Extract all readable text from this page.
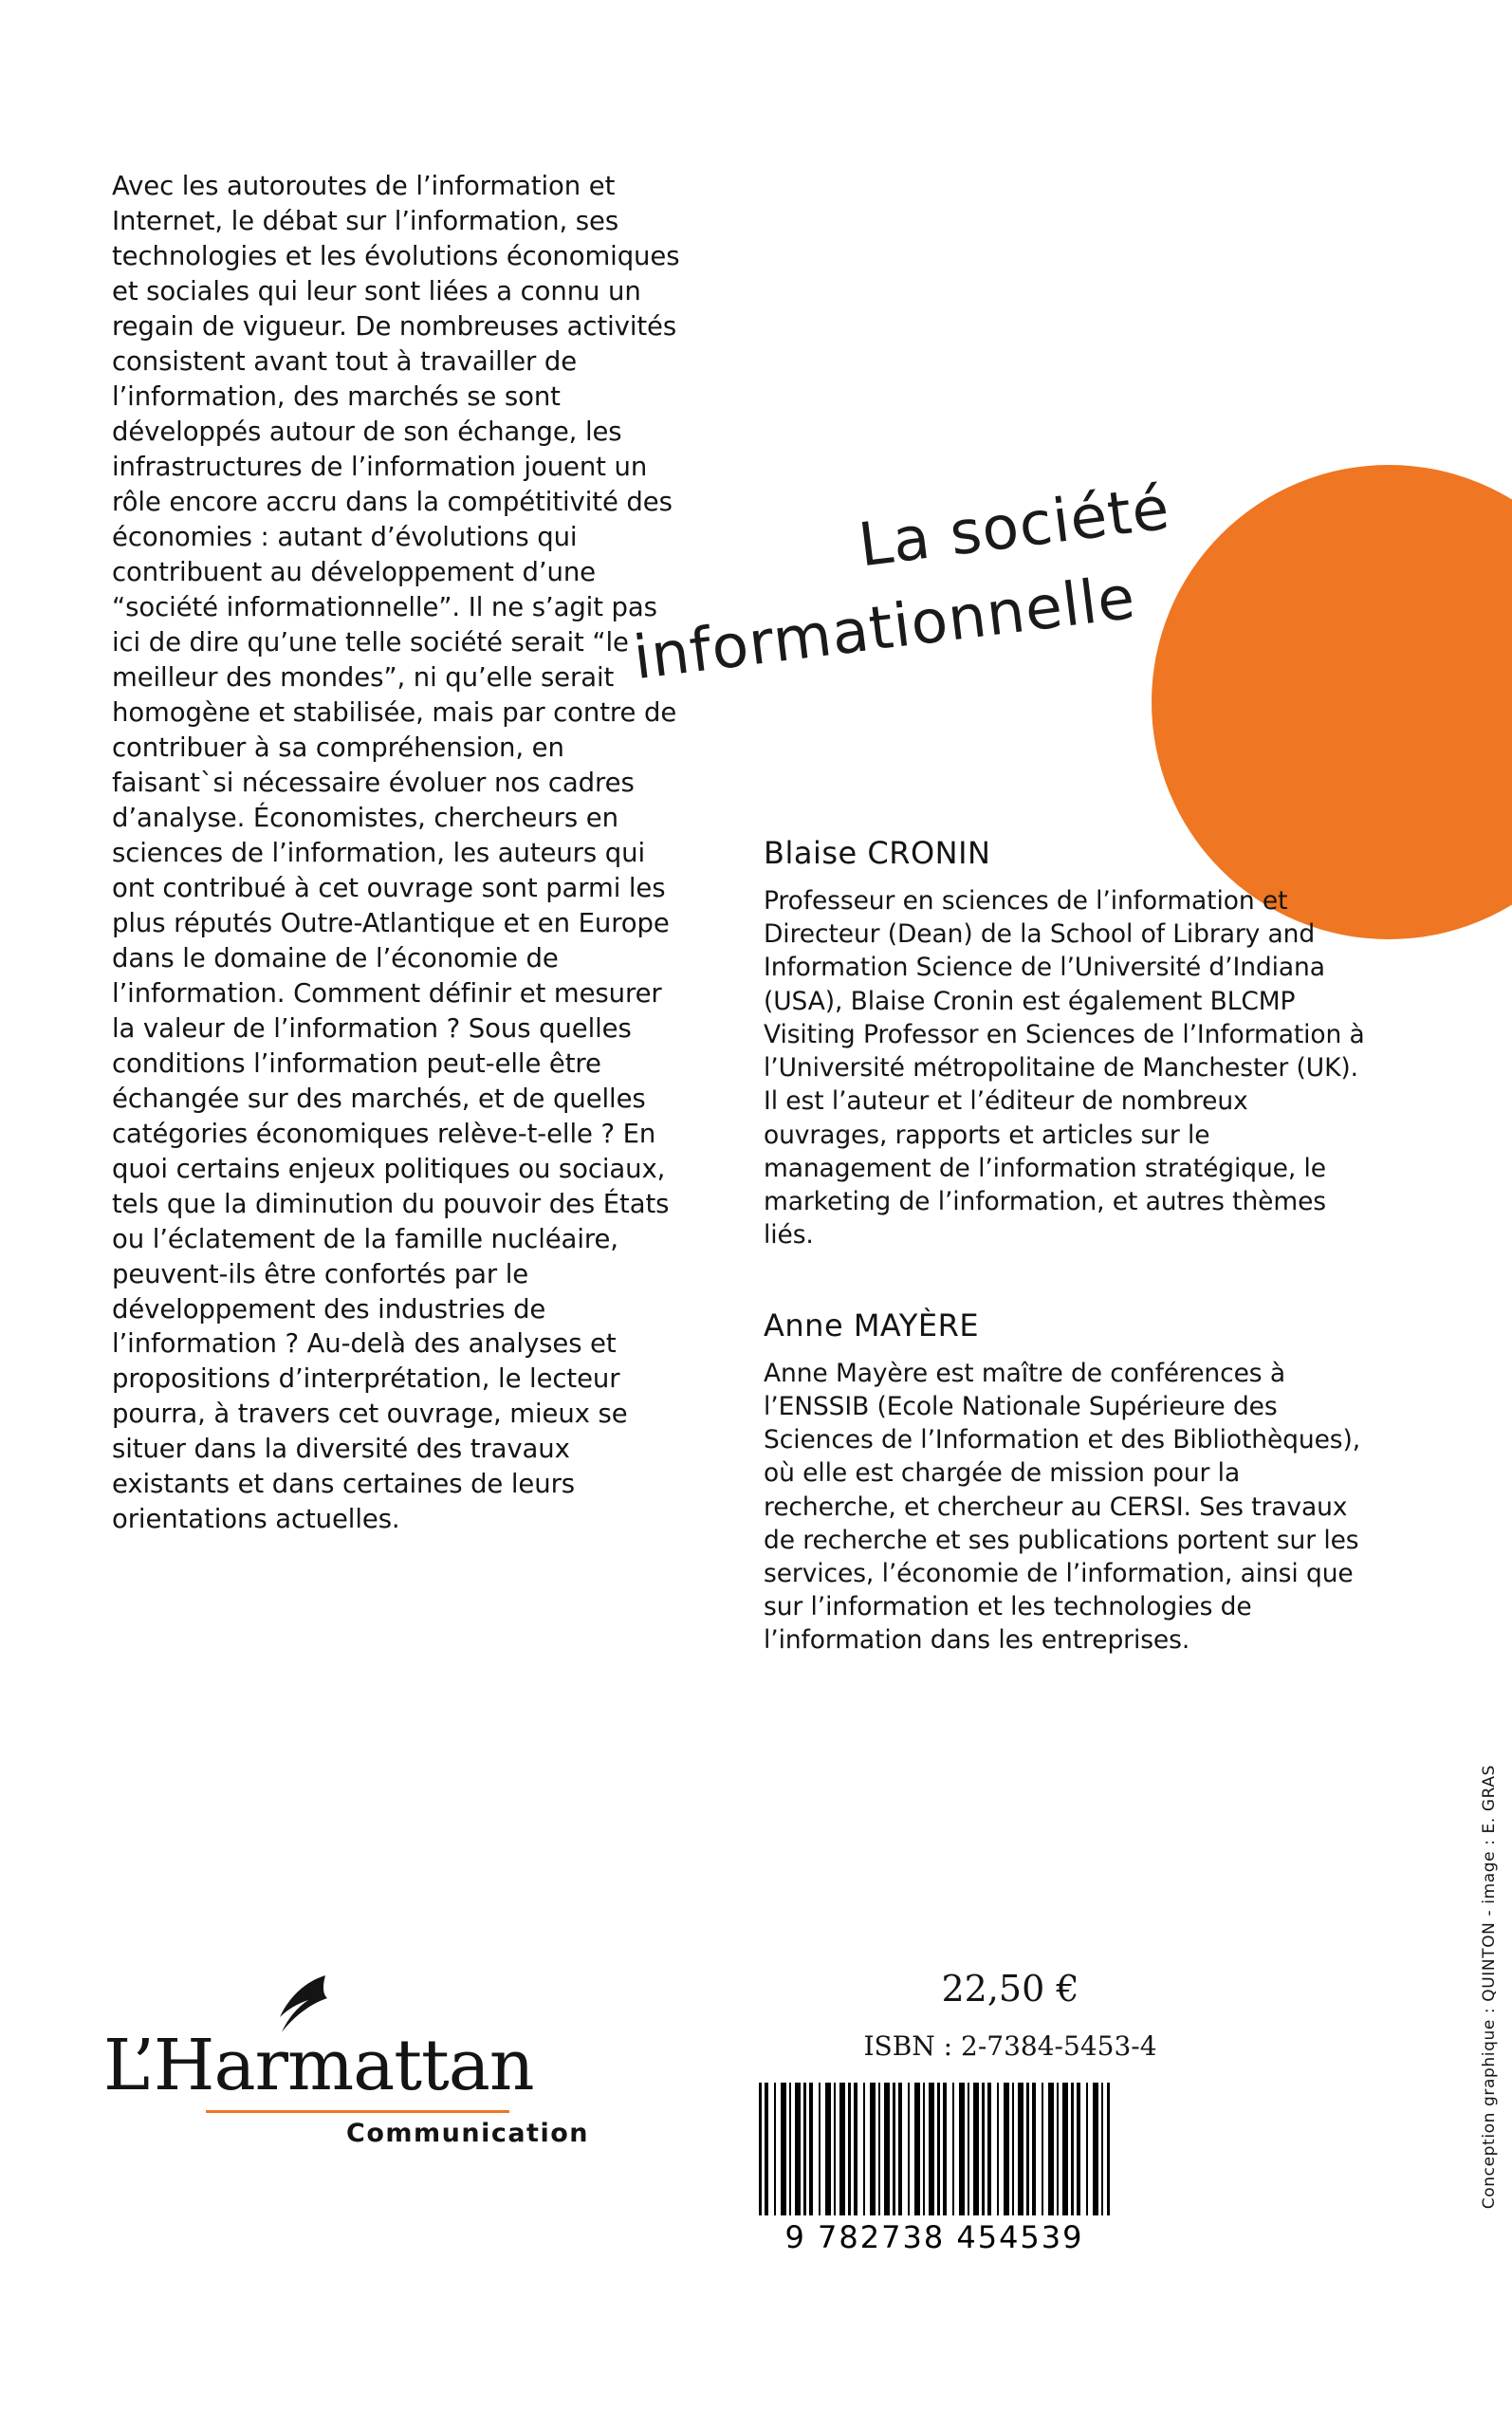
La société
informationnelle

Avec les autoroutes de l’information et Internet, le débat sur l’information, ses technologies et les évolutions économiques et sociales qui leur sont liées a connu un regain de vigueur. De nombreuses activités consistent avant tout à travailler de l’information, des marchés se sont développés autour de son échange, les infrastructures de l’information jouent un rôle encore accru dans la compétitivité des économies : autant d’évolutions qui contribuent au développement d’une “société informationnelle”. Il ne s’agit pas ici de dire qu’une telle société serait “le meilleur des mondes”, ni qu’elle serait homogène et stabilisée, mais par contre de contribuer à sa compréhension, en faisant`si nécessaire évoluer nos cadres d’analyse. Économistes, chercheurs en sciences de l’information, les auteurs qui ont contribué à cet ouvrage sont parmi les plus réputés Outre-Atlantique et en Europe dans le domaine de l’économie de l’information. Comment définir et mesurer la valeur de l’information ? Sous quelles conditions l’information peut-elle être échangée sur des marchés, et de quelles catégories économiques relève-t-elle ? En quoi certains enjeux politiques ou sociaux, tels que la diminution du pouvoir des États ou l’éclatement de la famille nucléaire, peuvent-ils être confortés par le développement des industries de l’information ? Au-delà des analyses et propositions d’interprétation, le lecteur pourra, à travers cet ouvrage, mieux se situer dans la diversité des travaux existants et dans certaines de leurs orientations actuelles.

Blaise CRONIN

Professeur en sciences de l’information et Directeur (Dean) de la School of Library and Information Science de l’Université d’Indiana (USA), Blaise Cronin est également BLCMP Visiting Professor en Sciences de l’Information à l’Université métropolitaine de Manchester (UK). Il est l’auteur et l’éditeur de nombreux ouvrages, rapports et articles sur le management de l’information stratégique, le marketing de l’information, et autres thèmes liés.

Anne MAYÈRE

Anne Mayère est maître de conférences à l’ENSSIB (Ecole Nationale Supérieure des Sciences de l’Information et des Bibliothèques), où elle est chargée de mission pour la recherche, et chercheur au CERSI. Ses travaux de recherche et ses publications portent sur les services, l’économie de l’information, ainsi que sur l’information et les technologies de l’information dans les entreprises.

22,50 €
ISBN : 2-7384-5453-4
9 782738 454539
L’Harmattan
Communication	Conception graphique : QUINTON - image : E. GRAS
